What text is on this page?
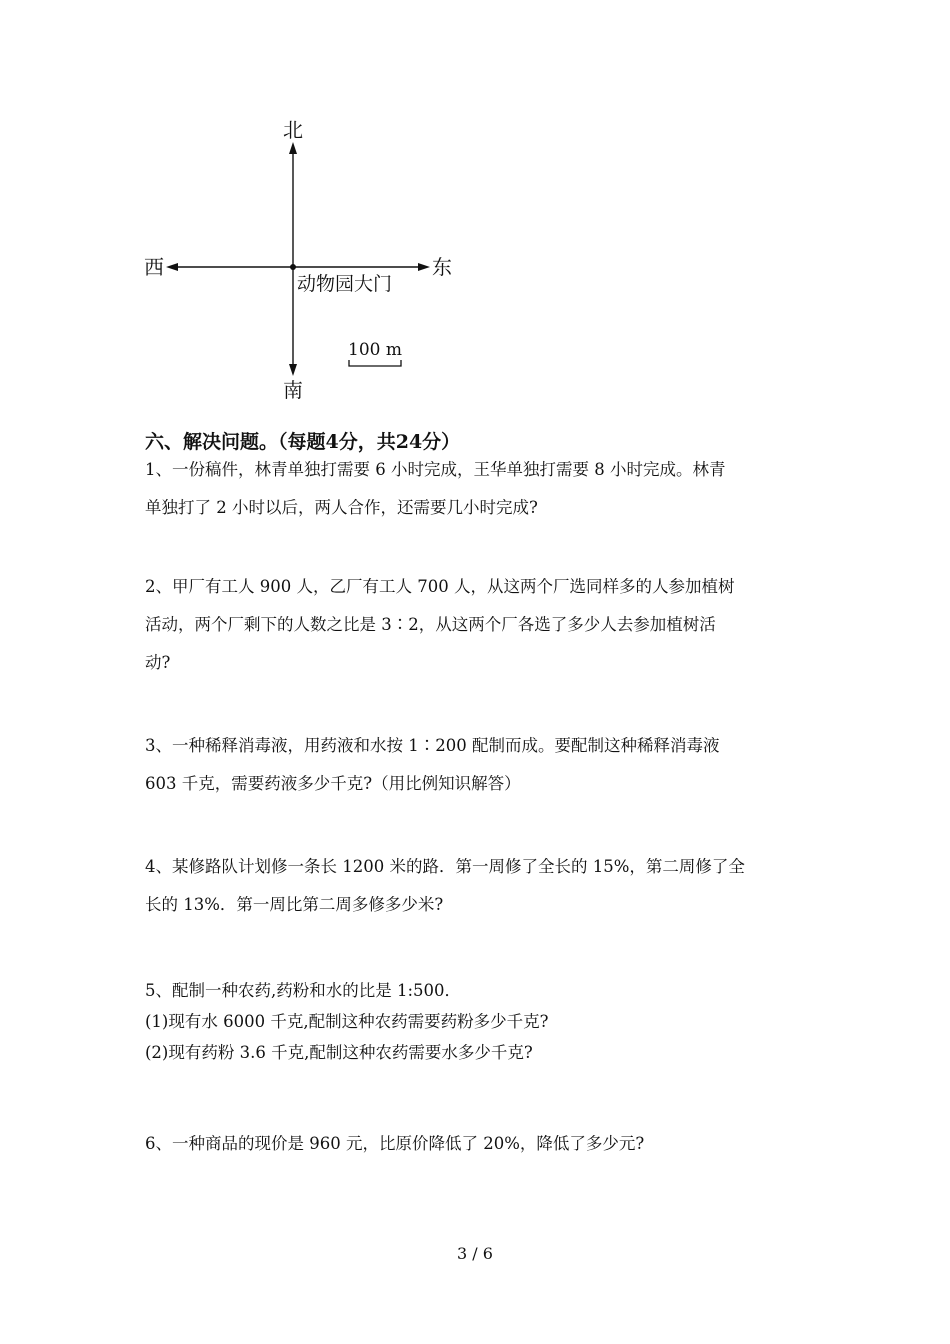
北
南
西	东
动物园大门
100 m
六、解决问题。（每题4分，共24分）

1、一份稿件，林青单独打需要 6 小时完成，王华单独打需要 8 小时完成。林青

单独打了 2 小时以后，两人合作，还需要几小时完成?

2、甲厂有工人 900 人，乙厂有工人 700 人，从这两个厂选同样多的人参加植树

活动，两个厂剩下的人数之比是 3∶2，从这两个厂各选了多少人去参加植树活

动?

3、一种稀释消毒液，用药液和水按 1∶200 配制而成。要配制这种稀释消毒液

603 千克，需要药液多少千克?（用比例知识解答）

4、某修路队计划修一条长 1200 米的路．第一周修了全长的 15%，第二周修了全

长的 13%．第一周比第二周多修多少米?

5、配制一种农药,药粉和水的比是 1:500．

(1)现有水 6000 千克,配制这种农药需要药粉多少千克?

(2)现有药粉 3.6 千克,配制这种农药需要水多少千克?

6、一种商品的现价是 960 元，比原价降低了 20%，降低了多少元?

3 / 6
